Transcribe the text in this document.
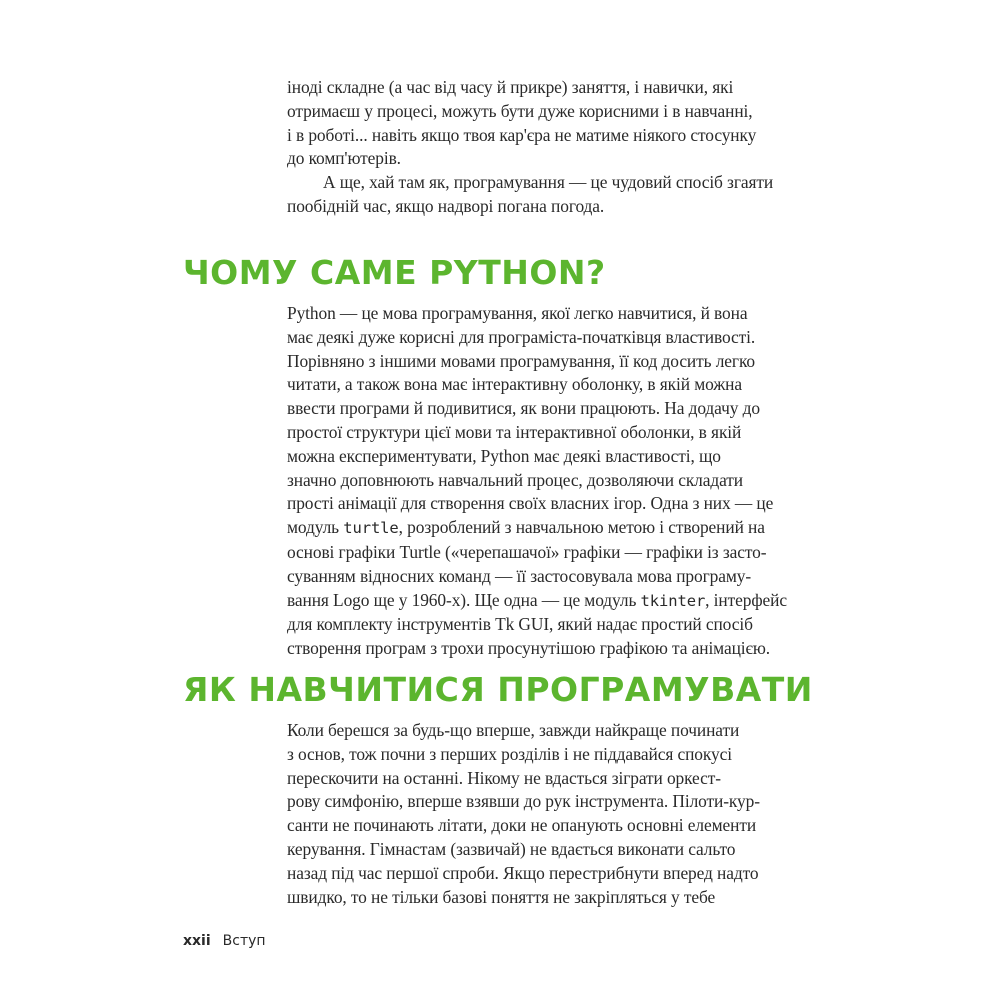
іноді складне (а час від часу й прикре) заняття, і навички, які
отримаєш у процесі, можуть бути дуже корисними і в навчанні,
і в роботі... навіть якщо твоя кар'єра не матиме ніякого стосунку
до комп'ютерів.
А ще, хай там як, програмування — це чудовий спосіб згаяти
пообідній час, якщо надворі погана погода.
ЧОМУ САМЕ PYTHON?
Python — це мова програмування, якої легко навчитися, й вона
має деякі дуже корисні для програміста-початківця властивості.
Порівняно з іншими мовами програмування, її код досить легко
читати, а також вона має інтерактивну оболонку, в якій можна
ввести програми й подивитися, як вони працюють. На додачу до
простої структури цієї мови та інтерактивної оболонки, в якій
можна експериментувати, Python має деякі властивості, що
значно доповнюють навчальний процес, дозволяючи складати
прості анімації для створення своїх власних ігор. Одна з них — це
модуль turtle, розроблений з навчальною метою і створений на
основі графіки Turtle («черепашачої» графіки — графіки із засто-
суванням відносних команд — її застосовувала мова програму-
вання Logo ще у 1960-х). Ще одна — це модуль tkinter, інтерфейс
для комплекту інструментів Tk GUI, який надає простий спосіб
створення програм з трохи просунутішою графікою та анімацією.
ЯК НАВЧИТИСЯ ПРОГРАМУВАТИ
Коли берешся за будь-що вперше, завжди найкраще починати
з основ, тож почни з перших розділів і не піддавайся спокусі
перескочити на останні. Нікому не вдасться зіграти оркест-
рову симфонію, вперше взявши до рук інструмента. Пілоти-кур-
санти не починають літати, доки не опанують основні елементи
керування. Гімнастам (зазвичай) не вдається виконати сальто
назад під час першої спроби. Якщо перестрибнути вперед надто
швидко, то не тільки базові поняття не закріпляться у тебе
xxii Вступ
